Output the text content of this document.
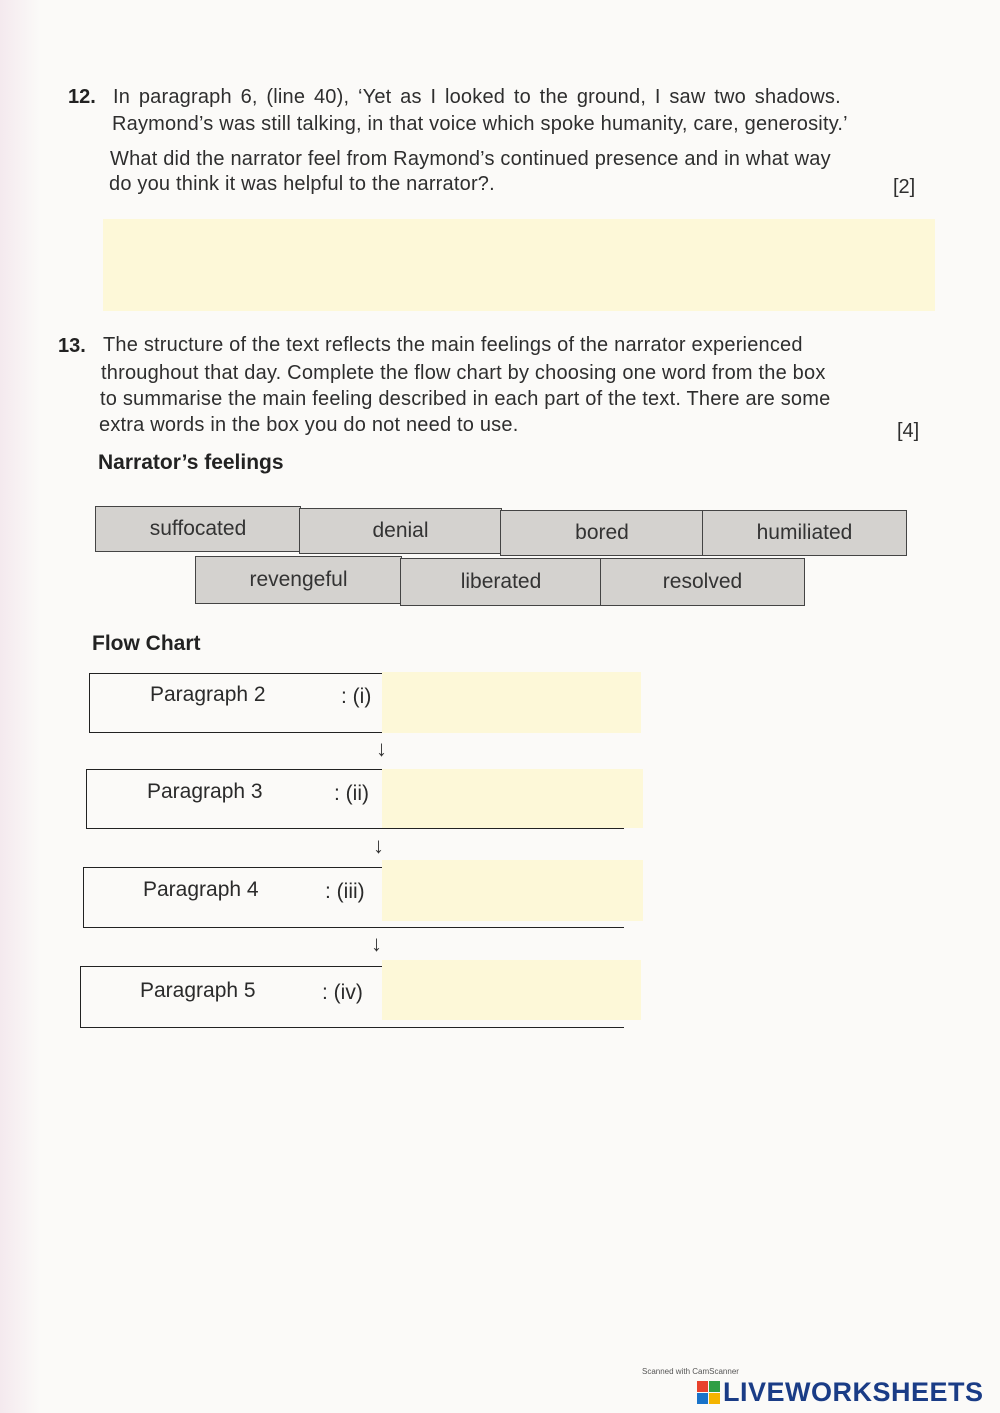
12. In paragraph 6, (line 40), ‘Yet as I looked to the ground, I saw two shadows.
Raymond’s was still talking, in that voice which spoke humanity, care, generosity.’
What did the narrator feel from Raymond’s continued presence and in what way
do you think it was helpful to the narrator?.	[2]
13. The structure of the text reflects the main feelings of the narrator experienced
throughout that day. Complete the flow chart by choosing one word from the box
to summarise the main feeling described in each part of the text. There are some
extra words in the box you do not need to use.	[4]
Narrator’s feelings
suffocated	denial	bored	humiliated
revengeful	liberated	resolved
Flow Chart
Paragraph 2	: (i)
↓
Paragraph 3	: (ii)
↓
Paragraph 4	: (iii)
↓
Paragraph 5	: (iv)
Scanned with CamScanner
LIVEWORKSHEETS
